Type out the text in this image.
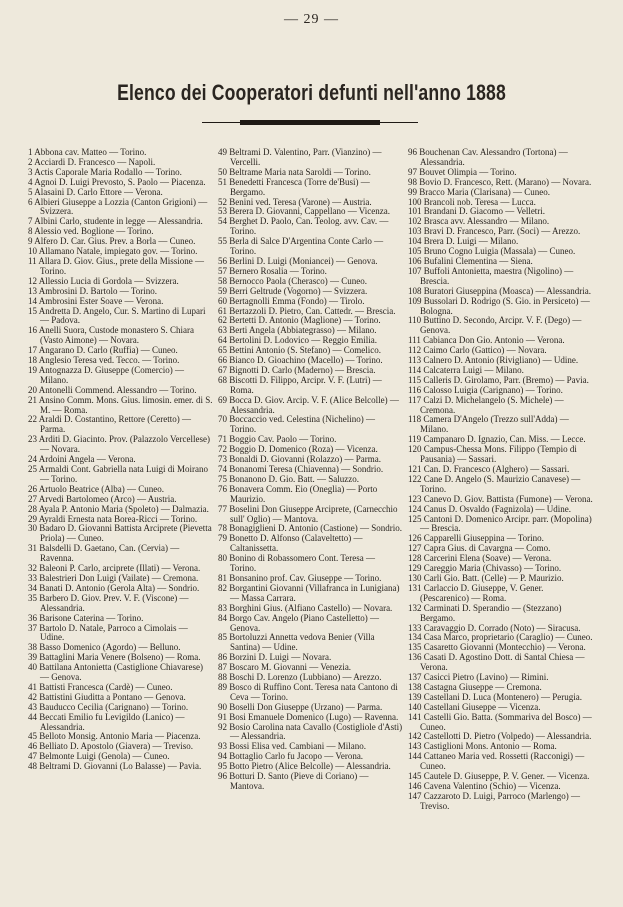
— 29 —
Elenco dei Cooperatori defunti nell'anno 1888

1 Abbona cav. Matteo — Torino.

2 Acciardi D. Francesco — Napoli.

3 Actis Caporale Maria Rodallo — Torino.

4 Agnoi D. Luigi Prevosto, S. Paolo — Piacenza.

5 Alasaini D. Carlo Ettore — Verona.

6 Albieri Giuseppe a Lozzia (Canton Grigioni) — Svizzera.

7 Albini Carlo, studente in legge — Alessandria.

8 Alessio ved. Boglione — Torino.

9 Alfero D. Car. Gius. Prev. a Borla — Cuneo.

10 Allamano Natale, impiegato gov. — Torino.

11 Allara D. Giov. Gius., prete della Missione — Torino.

12 Allessio Lucia di Gordola — Svizzera.

13 Ambrosini D. Bartolo — Torino.

14 Ambrosini Ester Soave — Verona.

15 Andretta D. Angelo, Cur. S. Martino di Lupari — Padova.

16 Anelli Suora, Custode monastero S. Chiara (Vasto Aimone) — Novara.

17 Angarano D. Carlo (Ruffia) — Cuneo.

18 Anglesio Teresa ved. Tecco. — Torino.

19 Antognazza D. Giuseppe (Comercio) — Milano.

20 Antonelli Commend. Alessandro — Torino.

21 Ansino Comm. Mons. Gius. limosin. emer. di S. M. — Roma.

22 Araldi D. Costantino, Rettore (Ceretto) — Parma.

23 Arditi D. Giacinto. Prov. (Palazzolo Vercellese) — Novara.

24 Ardoini Angela — Verona.

25 Armaldi Cont. Gabriella nata Luigi di Moirano — Torino.

26 Artuolo Beatrice (Alba) — Cuneo.

27 Arvedi Bartolomeo (Arco) — Austria.

28 Ayala P. Antonio Maria (Spoleto) — Dalmazia.

29 Ayraldi Ernesta nata Borea-Ricci — Torino.

30 Badaro D. Giovanni Battista Arciprete (Pievetta Priola) — Cuneo.

31 Balsdelli D. Gaetano, Can. (Cervia) — Ravenna.

32 Baleoni P. Carlo, arciprete (Illati) — Verona.

33 Balestrieri Don Luigi (Vailate) — Cremona.

34 Banati D. Antonio (Gerola Alta) — Sondrio.

35 Barbero D. Giov. Prev. V. F. (Viscone) — Alessandria.

36 Barisone Caterina — Torino.

37 Bartolo D. Natale, Parroco a Cimolais — Udine.

38 Basso Domenico (Agordo) — Belluno.

39 Battaglini Maria Venere (Bolseno) — Roma.

40 Battilana Antonietta (Castiglione Chiavarese) — Genova.

41 Battisti Francesca (Cardè) — Cuneo.

42 Battistini Giuditta a Pontano — Genova.

43 Bauducco Cecilia (Carignano) — Torino.

44 Beccati Emilio fu Levigildo (Lanico) — Alessandria.

45 Belloto Monsig. Antonio Maria — Piacenza.

46 Belliato D. Apostolo (Giavera) — Treviso.

47 Belmonte Luigi (Genola) — Cuneo.

48 Beltrami D. Giovanni (Lo Balasse) — Pavia.

49 Beltrami D. Valentino, Parr. (Vianzino) — Vercelli.

50 Beltrame Maria nata Saroldi — Torino.

51 Benedetti Francesca (Torre de'Busi) — Bergamo.

52 Benini ved. Teresa (Varone) — Austria.

53 Berera D. Giovanni, Cappellano — Vicenza.

54 Berghet D. Paolo, Can. Teolog. avv. Cav. — Torino.

55 Berla di Salce D'Argentina Conte Carlo — Torino.

56 Berlini D. Luigi (Moniancei) — Genova.

57 Bernero Rosalia — Torino.

58 Bernocco Paola (Cherasco) — Cuneo.

59 Berri Geltrude (Vogorno) — Svizzera.

60 Bertagnolli Emma (Fondo) — Tirolo.

61 Bertazzoli D. Pietro, Can. Cattedr. — Brescia.

62 Bertetti D. Antonio (Maglione) — Torino.

63 Berti Angela (Abbiategrasso) — Milano.

64 Bertolini D. Lodovico — Reggio Emilia.

65 Bettini Antonio (S. Stefano) — Comelico.

66 Bianco D. Gioachino (Macello) — Torino.

67 Bignotti D. Carlo (Maderno) — Brescia.

68 Biscotti D. Filippo, Arcipr. V. F. (Lutri) — Roma.

69 Bocca D. Giov. Arcip. V. F. (Alice Belcolle) — Alessandria.

70 Boccaccio ved. Celestina (Nichelino) — Torino.

71 Boggio Cav. Paolo — Torino.

72 Boggio D. Domenico (Roza) — Vicenza.

73 Bonaldi D. Giovanni (Rolazzo) — Parma.

74 Bonanomi Teresa (Chiavenna) — Sondrio.

75 Bonanono D. Gio. Batt. — Saluzzo.

76 Bonavera Comm. Eio (Oneglia) — Porto Maurizio.

77 Boselini Don Giuseppe Arciprete, (Carnecchio sull' Oglio) — Mantova.

78 Bonagiglieni D. Antonio (Castione) — Sondrio.

79 Bonetto D. Alfonso (Calaveltetto) — Caltanissetta.

80 Bonino di Robassomero Cont. Teresa — Torino.

81 Bonsanino prof. Cav. Giuseppe — Torino.

82 Borgantini Giovanni (Villafranca in Lunigiana) — Massa Carrara.

83 Borghini Gius. (Alfiano Castello) — Novara.

84 Borgo Cav. Angelo (Piano Castelletto) — Genova.

85 Bortoluzzi Annetta vedova Benier (Villa Santina) — Udine.

86 Borzini D. Luigi — Novara.

87 Boscaro M. Giovanni — Venezia.

88 Boschi D. Lorenzo (Lubbiano) — Arezzo.

89 Bosco di Ruffino Cont. Teresa nata Cantono di Ceva — Torino.

90 Boselli Don Giuseppe (Urzano) — Parma.

91 Bosi Emanuele Domenico (Lugo) — Ravenna.

92 Bosio Carolina nata Cavallo (Costigliole d'Asti) — Alessandria.

93 Bossi Elisa ved. Cambiani — Milano.

94 Bottaglio Carlo fu Jacopo — Verona.

95 Botto Pietro (Alice Belcolle) — Alessandria.

96 Botturi D. Santo (Pieve di Coriano) — Mantova.

96 Bouchenan Cav. Alessandro (Tortona) — Alessandria.

97 Bouvet Olimpia — Torino.

98 Bovio D. Francesco, Rett. (Marano) — Novara.

99 Bracco Maria (Clarisana) — Cuneo.

100 Brancoli nob. Teresa — Lucca.

101 Brandani D. Giacomo — Velletri.

102 Brasca avv. Alessandro — Milano.

103 Bravi D. Francesco, Parr. (Soci) — Arezzo.

104 Brera D. Luigi — Milano.

105 Bruno Cogno Luigia (Massala) — Cuneo.

106 Bufalini Clementina — Siena.

107 Buffoli Antonietta, maestra (Nigolino) — Brescia.

108 Buratori Giuseppina (Moasca) — Alessandria.

109 Bussolari D. Rodrigo (S. Gio. in Persiceto) — Bologna.

110 Buttino D. Secondo, Arcipr. V. F. (Dego) — Genova.

111 Cabianca Don Gio. Antonio — Verona.

112 Caimo Carlo (Gattico) — Novara.

113 Calnero D. Antonio (Rivigliano) — Udine.

114 Calcaterra Luigi — Milano.

115 Calleris D. Girolamo, Parr. (Bremo) — Pavia.

116 Calosso Luigia (Carignano) — Torino.

117 Calzi D. Michelangelo (S. Michele) — Cremona.

118 Camera D'Angelo (Trezzo sull'Adda) — Milano.

119 Campanaro D. Ignazio, Can. Miss. — Lecce.

120 Campus-Chessa Mons. Filippo (Tempio di Pausania) — Sassari.

121 Can. D. Francesco (Alghero) — Sassari.

122 Cane D. Angelo (S. Maurizio Canavese) — Torino.

123 Canevo D. Giov. Battista (Fumone) — Verona.

124 Canus D. Osvaldo (Fagnizola) — Udine.

125 Cantoni D. Domenico Arcipr. parr. (Mopolina) — Brescia.

126 Capparelli Giuseppina — Torino.

127 Capra Gius. di Cavargna — Como.

128 Carcerini Elena (Soave) — Verona.

129 Careggio Maria (Chivasso) — Torino.

130 Carli Gio. Batt. (Celle) — P. Maurizio.

131 Carlaccio D. Giuseppe, V. Gener. (Pescarenico) — Roma.

132 Carminati D. Sperandio — (Stezzano) Bergamo.

133 Caravaggio D. Corrado (Noto) — Siracusa.

134 Casa Marco, proprietario (Caraglio) — Cuneo.

135 Casaretto Giovanni (Montecchio) — Verona.

136 Casati D. Agostino Dott. di Santal Chiesa — Verona.

137 Casicci Pietro (Lavino) — Rimini.

138 Castagna Giuseppe — Cremona.

139 Castellani D. Luca (Montenero) — Perugia.

140 Castellani Giuseppe — Vicenza.

141 Castelli Gio. Batta. (Sommariva del Bosco) — Cuneo.

142 Castellotti D. Pietro (Volpedo) — Alessandria.

143 Castiglioni Mons. Antonio — Roma.

144 Cattaneo Maria ved. Rossetti (Racconigi) — Cuneo.

145 Cautele D. Giuseppe, P. V. Gener. — Vicenza.

146 Cavena Valentino (Schio) — Vicenza.

147 Cazzaroto D. Luigi, Parroco (Marlengo) — Treviso.
